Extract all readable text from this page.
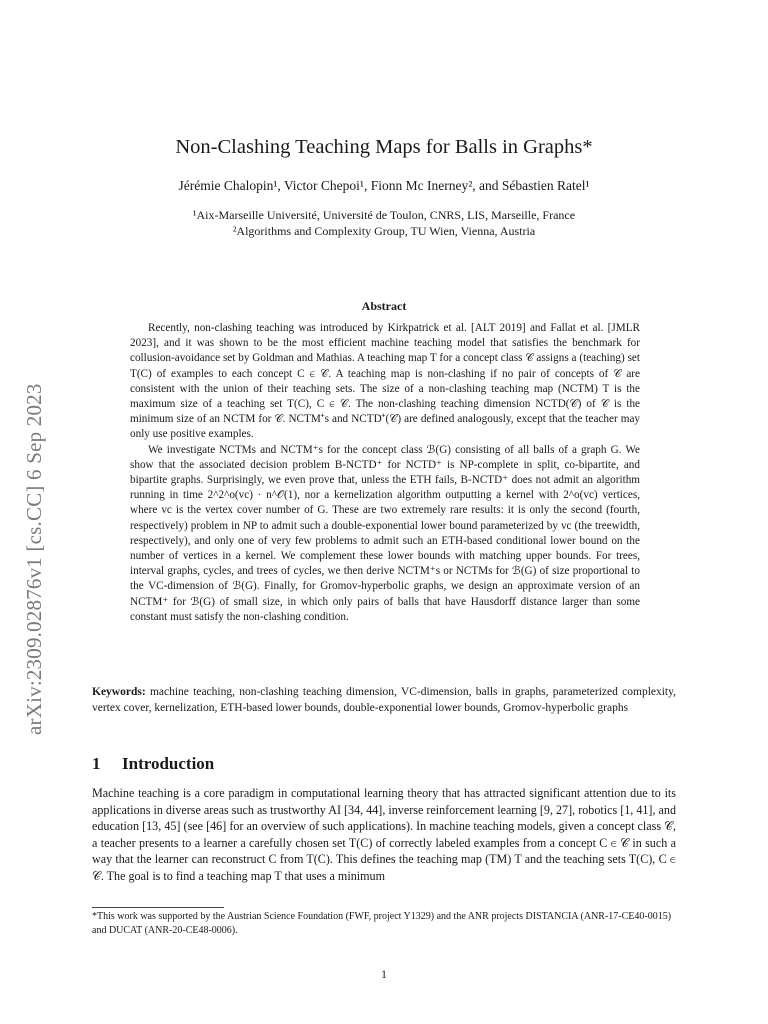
arXiv:2309.02876v1 [cs.CC] 6 Sep 2023
Non-Clashing Teaching Maps for Balls in Graphs*
Jérémie Chalopin¹, Victor Chepoi¹, Fionn Mc Inerney², and Sébastien Ratel¹
¹Aix-Marseille Université, Université de Toulon, CNRS, LIS, Marseille, France
²Algorithms and Complexity Group, TU Wien, Vienna, Austria
Abstract

Recently, non-clashing teaching was introduced by Kirkpatrick et al. [ALT 2019] and Fallat et al. [JMLR 2023], and it was shown to be the most efficient machine teaching model that satisfies the benchmark for collusion-avoidance set by Goldman and Mathias. A teaching map T for a concept class 𝒞 assigns a (teaching) set T(C) of examples to each concept C ∈ 𝒞. A teaching map is non-clashing if no pair of concepts of 𝒞 are consistent with the union of their teaching sets. The size of a non-clashing teaching map (NCTM) T is the maximum size of a teaching set T(C), C ∈ 𝒞. The non-clashing teaching dimension NCTD(𝒞) of 𝒞 is the minimum size of an NCTM for 𝒞. NCTM⁺s and NCTD⁺(𝒞) are defined analogously, except that the teacher may only use positive examples.

We investigate NCTMs and NCTM⁺s for the concept class ℬ(G) consisting of all balls of a graph G. We show that the associated decision problem B-NCTD⁺ for NCTD⁺ is NP-complete in split, co-bipartite, and bipartite graphs. Surprisingly, we even prove that, unless the ETH fails, B-NCTD⁺ does not admit an algorithm running in time 2^2^o(vc) · n^𝒪(1), nor a kernelization algorithm outputting a kernel with 2^o(vc) vertices, where vc is the vertex cover number of G. These are two extremely rare results: it is only the second (fourth, respectively) problem in NP to admit such a double-exponential lower bound parameterized by vc (the treewidth, respectively), and only one of very few problems to admit such an ETH-based conditional lower bound on the number of vertices in a kernel. We complement these lower bounds with matching upper bounds. For trees, interval graphs, cycles, and trees of cycles, we then derive NCTM⁺s or NCTMs for ℬ(G) of size proportional to the VC-dimension of ℬ(G). Finally, for Gromov-hyperbolic graphs, we design an approximate version of an NCTM⁺ for ℬ(G) of small size, in which only pairs of balls that have Hausdorff distance larger than some constant must satisfy the non-clashing condition.

Keywords: machine teaching, non-clashing teaching dimension, VC-dimension, balls in graphs, parameterized complexity, vertex cover, kernelization, ETH-based lower bounds, double-exponential lower bounds, Gromov-hyperbolic graphs
1 Introduction

Machine teaching is a core paradigm in computational learning theory that has attracted significant attention due to its applications in diverse areas such as trustworthy AI [34, 44], inverse reinforcement learning [9, 27], robotics [1, 41], and education [13, 45] (see [46] for an overview of such applications). In machine teaching models, given a concept class 𝒞, a teacher presents to a learner a carefully chosen set T(C) of correctly labeled examples from a concept C ∈ 𝒞 in such a way that the learner can reconstruct C from T(C). This defines the teaching map (TM) T and the teaching sets T(C), C ∈ 𝒞. The goal is to find a teaching map T that uses a minimum

*This work was supported by the Austrian Science Foundation (FWF, project Y1329) and the ANR projects DISTANCIA (ANR-17-CE40-0015) and DUCAT (ANR-20-CE48-0006).
1
